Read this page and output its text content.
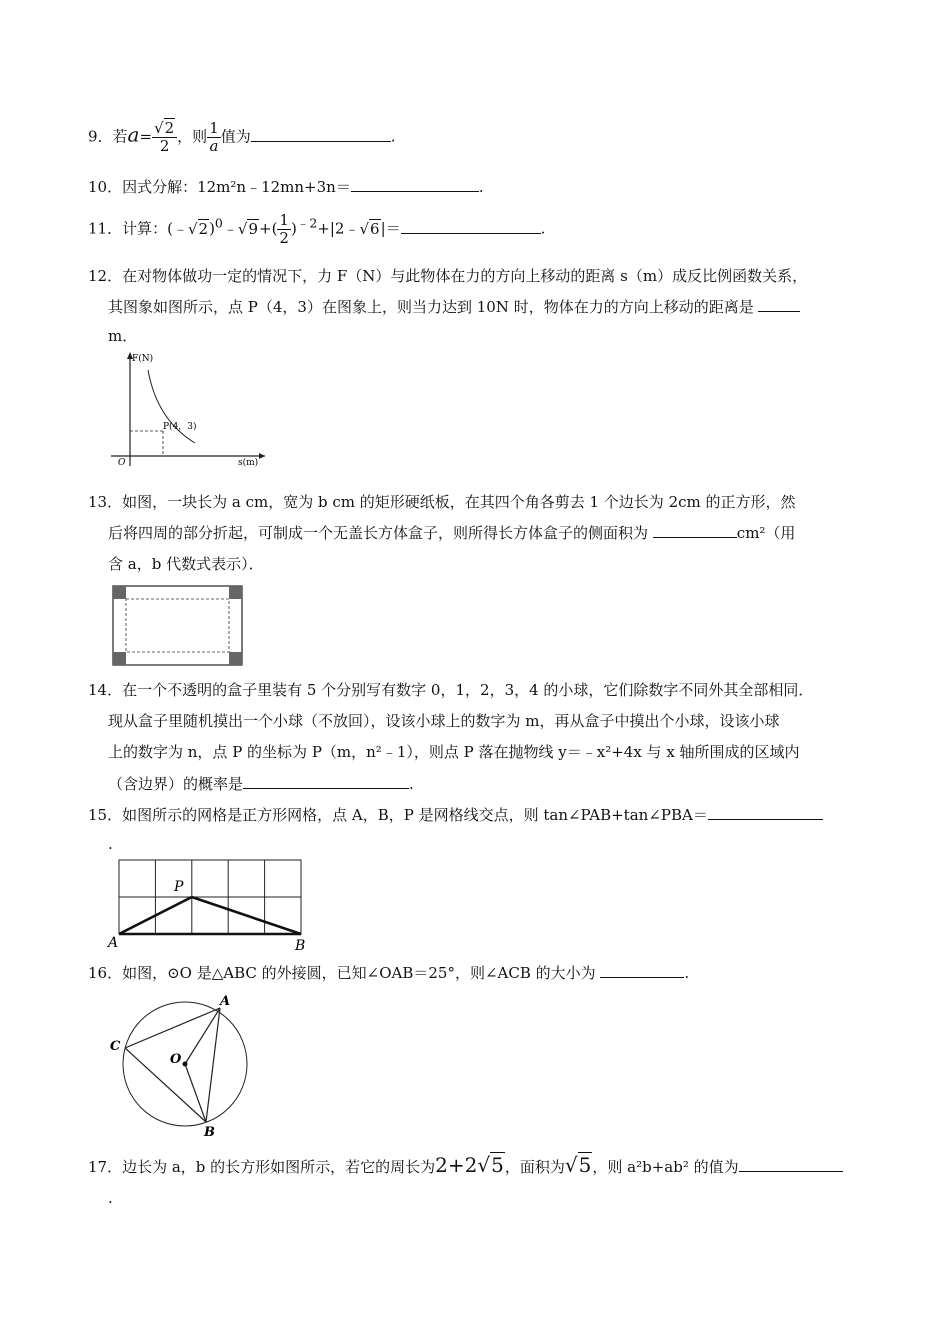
9．若$a= \frac{√2}{2}$ ，则 $\frac{1}{a}$ 值为	.
10．因式分解：12m²n﹣12mn+3n＝	.
11．计算：(﹣√2)$^0$﹣√9+( $\frac{1}{2}$ )$^{﹣2}$+|2﹣√6|＝	.
12．在对物体做功一定的情况下，力 F（N）与此物体在力的方向上移动的距离 s（m）成反比例函数关系，
其图象如图所示，点 P（4，3）在图象上，则当力达到 10N 时，物体在力的方向上移动的距离是
m．
F(N)
s(m)
O
P(4，3)
13．如图，一块长为 a cm，宽为 b cm 的矩形硬纸板，在其四个角各剪去 1 个边长为 2cm 的正方形，然
后将四周的部分折起，可制成一个无盖长方体盒子，则所得长方体盒子的侧面积为	cm²（用
含 a，b 代数式表示）．
14．在一个不透明的盒子里装有 5 个分别写有数字 0，1，2，3，4 的小球，它们除数字不同外其全部相同．
现从盒子里随机摸出一个小球（不放回），设该小球上的数字为 m，再从盒子中摸出个小球，设该小球
上的数字为 n，点 P 的坐标为 P（m，n²﹣1），则点 P 落在抛物线 y＝﹣x²+4x 与 x 轴所围成的区域内
（含边界）的概率是	.
15．如图所示的网格是正方形网格，点 A，B，P 是网格线交点，则 tan∠PAB+tan∠PBA＝
.
P
A	B
16．如图，⊙O 是△ABC 的外接圆，已知∠OAB＝25°，则∠ACB 的大小为	.
A
B
C
O
17．边长为 a，b 的长方形如图所示，若它的周长为2+2√5，面积为√5，则 a²b+ab² 的值为
.
